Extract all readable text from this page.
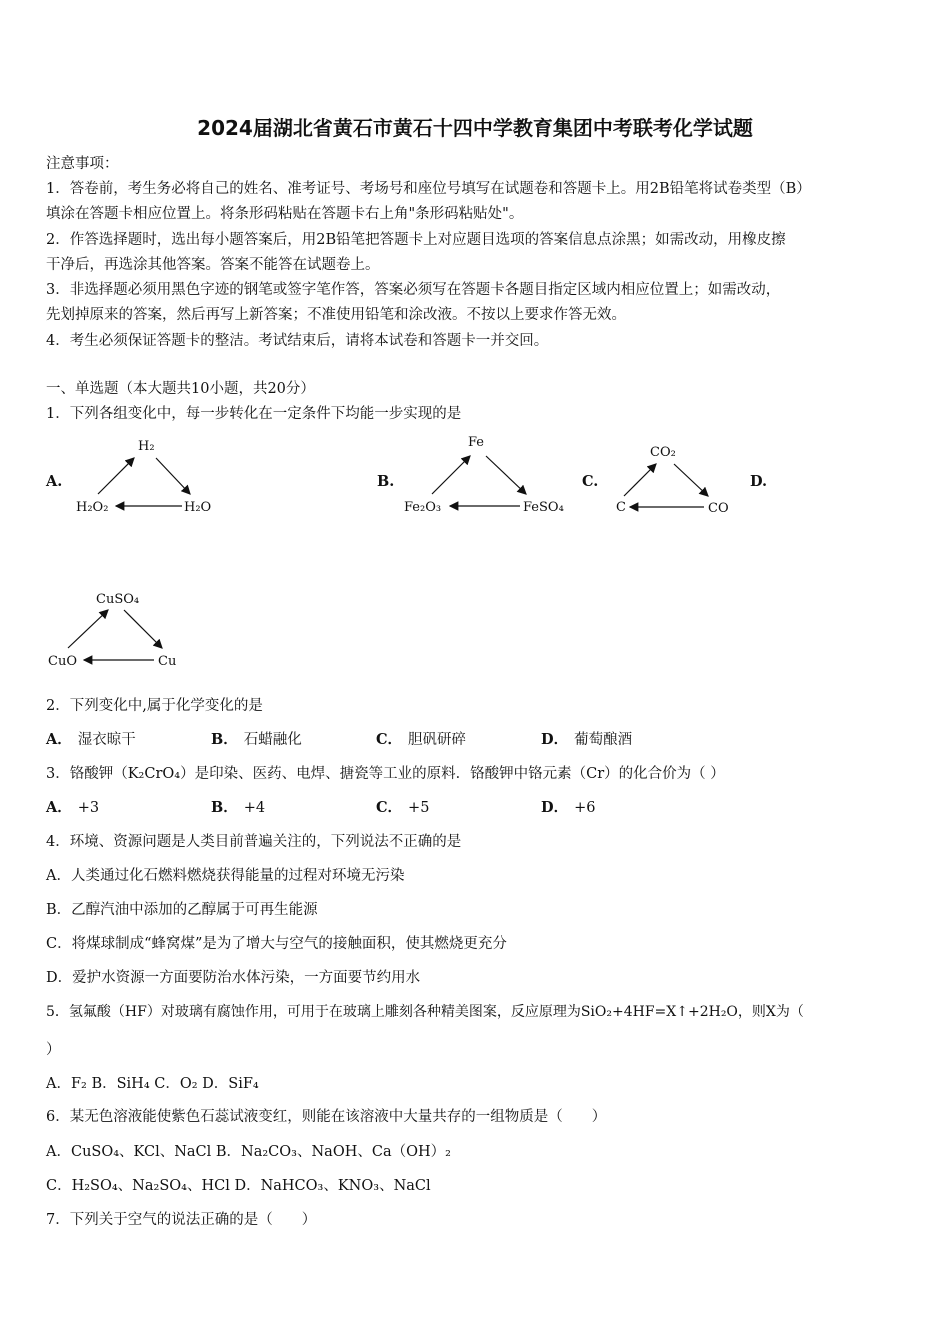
2024届湖北省黄石市黄石十四中学教育集团中考联考化学试题
注意事项：
1．答卷前，考生务必将自己的姓名、准考证号、考场号和座位号填写在试题卷和答题卡上。用2B铅笔将试卷类型（B）
填涂在答题卡相应位置上。将条形码粘贴在答题卡右上角"条形码粘贴处"。
2．作答选择题时，选出每小题答案后，用2B铅笔把答题卡上对应题目选项的答案信息点涂黑；如需改动，用橡皮擦
干净后，再选涂其他答案。答案不能答在试题卷上。
3．非选择题必须用黑色字迹的钢笔或签字笔作答，答案必须写在答题卡各题目指定区域内相应位置上；如需改动，
先划掉原来的答案，然后再写上新答案；不准使用铅笔和涂改液。不按以上要求作答无效。
4．考生必须保证答题卡的整洁。考试结束后，请将本试卷和答题卡一并交回。
一、单选题（本大题共10小题，共20分）
1．下列各组变化中，每一步转化在一定条件下均能一步实现的是
A.	B.	C.	D.
H₂
H₂O₂	H₂O
Fe
Fe₂O₃	FeSO₄
CO₂
C	CO
CuSO₄
CuO	Cu
2．下列变化中,属于化学变化的是
A． 湿衣晾干	B． 石蜡融化	C． 胆矾研碎	D． 葡萄酿酒
3．铬酸钾（K₂CrO₄）是印染、医药、电焊、搪瓷等工业的原料．铬酸钾中铬元素（Cr）的化合价为（ ）
A． +3	B． +4	C． +5	D． +6
4．环境、资源问题是人类目前普遍关注的，下列说法不正确的是
A．人类通过化石燃料燃烧获得能量的过程对环境无污染
B．乙醇汽油中添加的乙醇属于可再生能源
C．将煤球制成“蜂窝煤”是为了增大与空气的接触面积，使其燃烧更充分
D．爱护水资源一方面要防治水体污染，一方面要节约用水
5．氢氟酸（HF）对玻璃有腐蚀作用，可用于在玻璃上雕刻各种精美图案，反应原理为SiO₂+4HF=X↑+2H₂O，则X为（
）
A．F₂ B．SiH₄ C．O₂ D．SiF₄
6．某无色溶液能使紫色石蕊试液变红，则能在该溶液中大量共存的一组物质是（　　）
A．CuSO₄、KCl、NaCl B．Na₂CO₃、NaOH、Ca（OH）₂
C．H₂SO₄、Na₂SO₄、HCl D．NaHCO₃、KNO₃、NaCl
7．下列关于空气的说法正确的是（　　）
